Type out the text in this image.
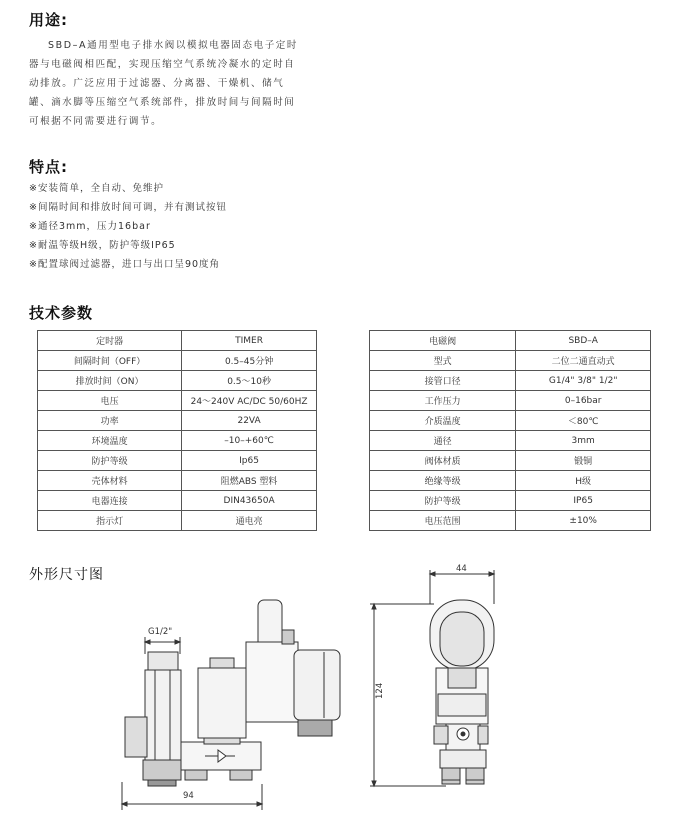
用途:
SBD–A通用型电子排水阀以模拟电器固态电子定时
器与电磁阀相匹配，实现压缩空气系统冷凝水的定时自
动排放。广泛应用于过滤器、分离器、干燥机、储气
罐、滴水脚等压缩空气系统部件，排放时间与间隔时间
可根据不同需要进行调节。
特点:
※安装简单，全自动、免维护
※间隔时间和排放时间可调，并有测试按钮
※通径3mm，压力16bar
※耐温等级H级，防护等级IP65
※配置球阀过滤器，进口与出口呈90度角
技术参数
定时器	TIMER
间隔时间（OFF）	0.5–45分钟
排放时间（ON）	0.5～10秒
电压	24～240V AC/DC 50/60HZ
功率	22VA
环境温度	–10–+60℃
防护等级	Ip65
壳体材料	阻燃ABS 塑料
电器连接	DIN43650A
指示灯	通电亮
电磁阀	SBD–A
型式	二位二通直动式
接管口径	G1/4" 3/8" 1/2"
工作压力	0–16bar
介质温度	＜80℃
通径	3mm
阀体材质	锻铜
绝缘等级	H级
防护等级	IP65
电压范围	±10%
外形尺寸图
G1/2"
94
44
124
